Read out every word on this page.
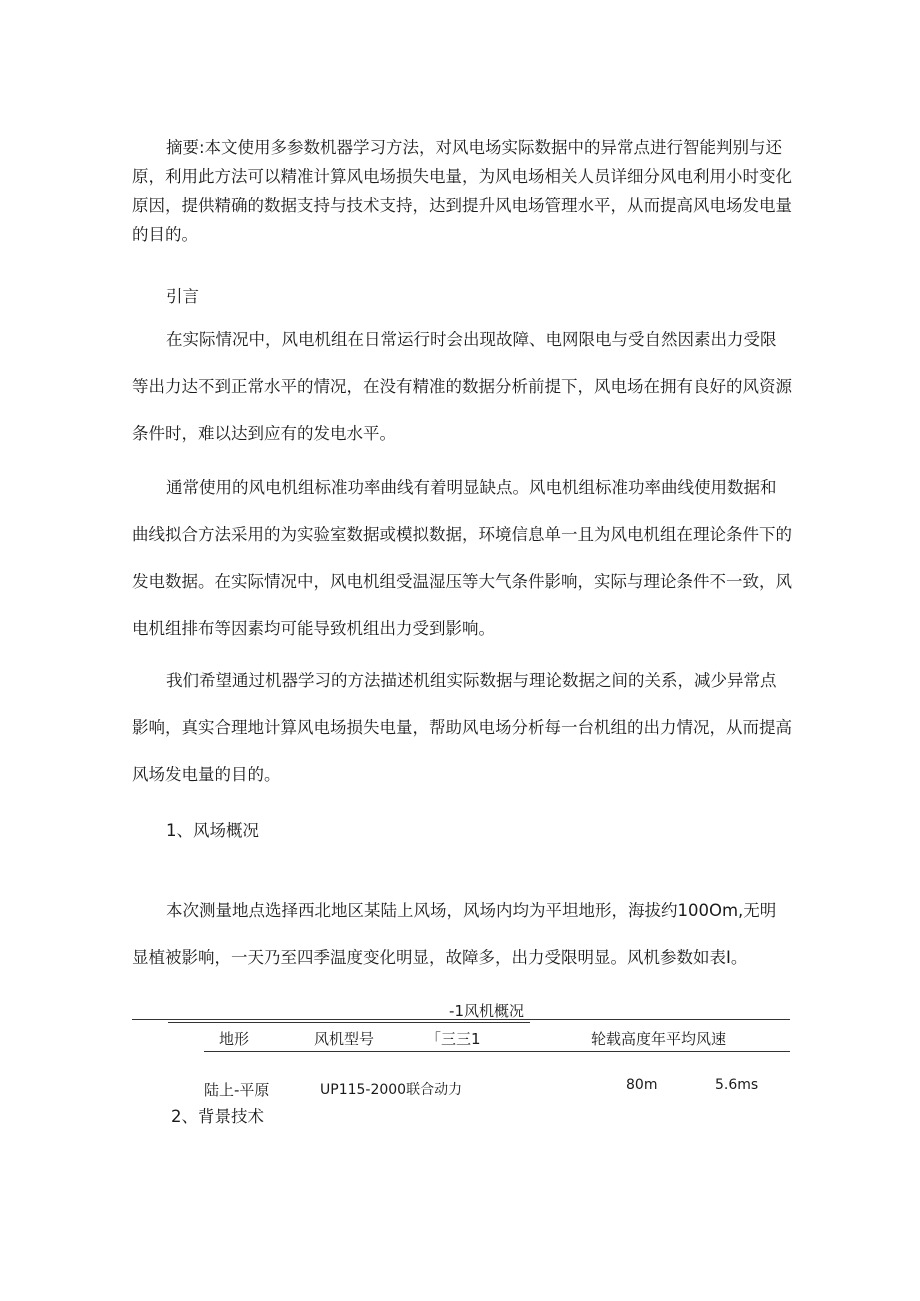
摘要:本文使用多参数机器学习方法，对风电场实际数据中的异常点进行智能判别与还原，利用此方法可以精准计算风电场损失电量，为风电场相关人员详细分风电利用小时变化原因，提供精确的数据支持与技术支持，达到提升风电场管理水平，从而提高风电场发电量的目的。

引言

在实际情况中，风电机组在日常运行时会出现故障、电网限电与受自然因素出力受限等出力达不到正常水平的情况，在没有精准的数据分析前提下，风电场在拥有良好的风资源条件时，难以达到应有的发电水平。

通常使用的风电机组标准功率曲线有着明显缺点。风电机组标准功率曲线使用数据和曲线拟合方法采用的为实验室数据或模拟数据，环境信息单一且为风电机组在理论条件下的发电数据。在实际情况中，风电机组受温湿压等大气条件影响，实际与理论条件不一致，风电机组排布等因素均可能导致机组出力受到影响。

我们希望通过机器学习的方法描述机组实际数据与理论数据之间的关系，减少异常点影响，真实合理地计算风电场损失电量，帮助风电场分析每一台机组的出力情况，从而提高风场发电量的目的。

1、风场概况

本次测量地点选择西北地区某陆上风场，风场内均为平坦地形，海拔约100Om,无明显植被影响，一天乃至四季温度变化明显，故障多，出力受限明显。风机参数如表I。

-1风机概况
地形	风机型号	「三三1	轮载高度年平均风速
陆上-平原	UP115-2000联合动力	80m	5.6ms

2、背景技术
